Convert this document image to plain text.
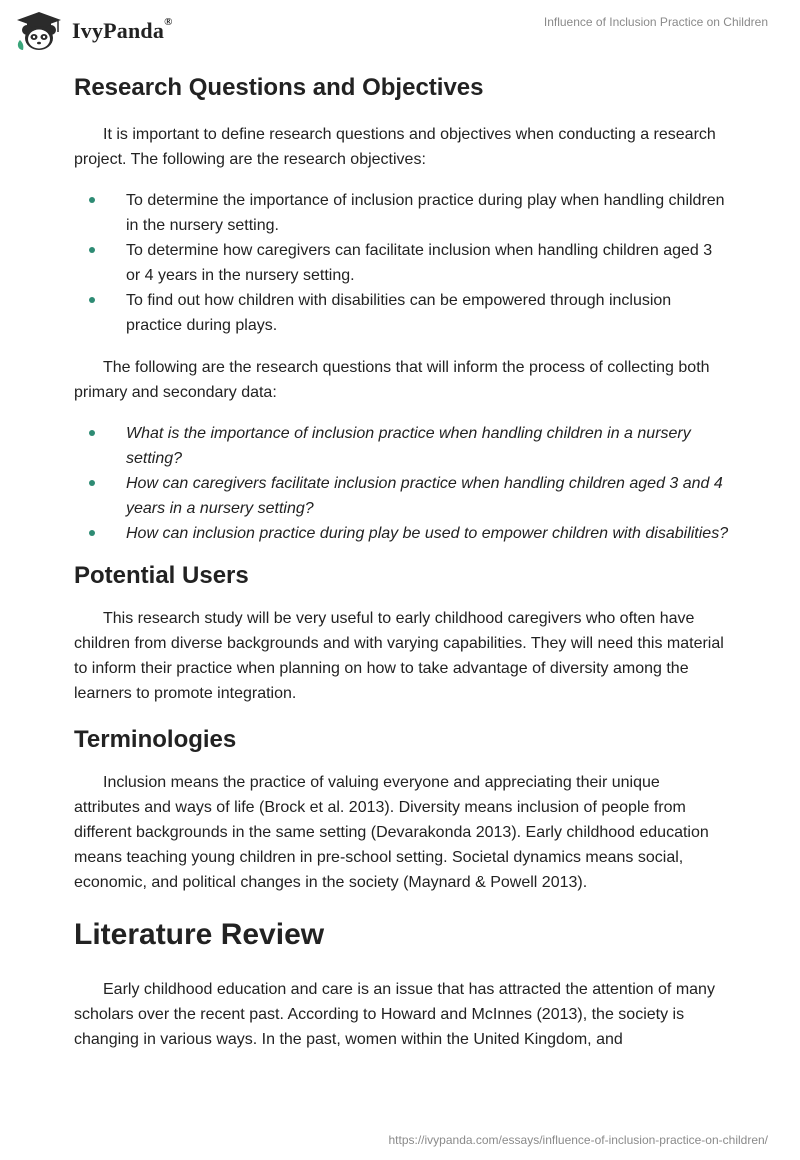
IvyPanda®	Influence of Inclusion Practice on Children
Research Questions and Objectives

It is important to define research questions and objectives when conducting a research project. The following are the research objectives:

To determine the importance of inclusion practice during play when handling children in the nursery setting.
To determine how caregivers can facilitate inclusion when handling children aged 3 or 4 years in the nursery setting.
To find out how children with disabilities can be empowered through inclusion practice during plays.

The following are the research questions that will inform the process of collecting both primary and secondary data:

What is the importance of inclusion practice when handling children in a nursery setting?
How can caregivers facilitate inclusion practice when handling children aged 3 and 4 years in a nursery setting?
How can inclusion practice during play be used to empower children with disabilities?
Potential Users

This research study will be very useful to early childhood caregivers who often have children from diverse backgrounds and with varying capabilities. They will need this material to inform their practice when planning on how to take advantage of diversity among the learners to promote integration.

Terminologies

Inclusion means the practice of valuing everyone and appreciating their unique attributes and ways of life (Brock et al. 2013). Diversity means inclusion of people from different backgrounds in the same setting (Devarakonda 2013). Early childhood education means teaching young children in pre-school setting. Societal dynamics means social, economic, and political changes in the society (Maynard & Powell 2013).

Literature Review

Early childhood education and care is an issue that has attracted the attention of many scholars over the recent past. According to Howard and McInnes (2013), the society is changing in various ways. In the past, women within the United Kingdom, and

https://ivypanda.com/essays/influence-of-inclusion-practice-on-children/
